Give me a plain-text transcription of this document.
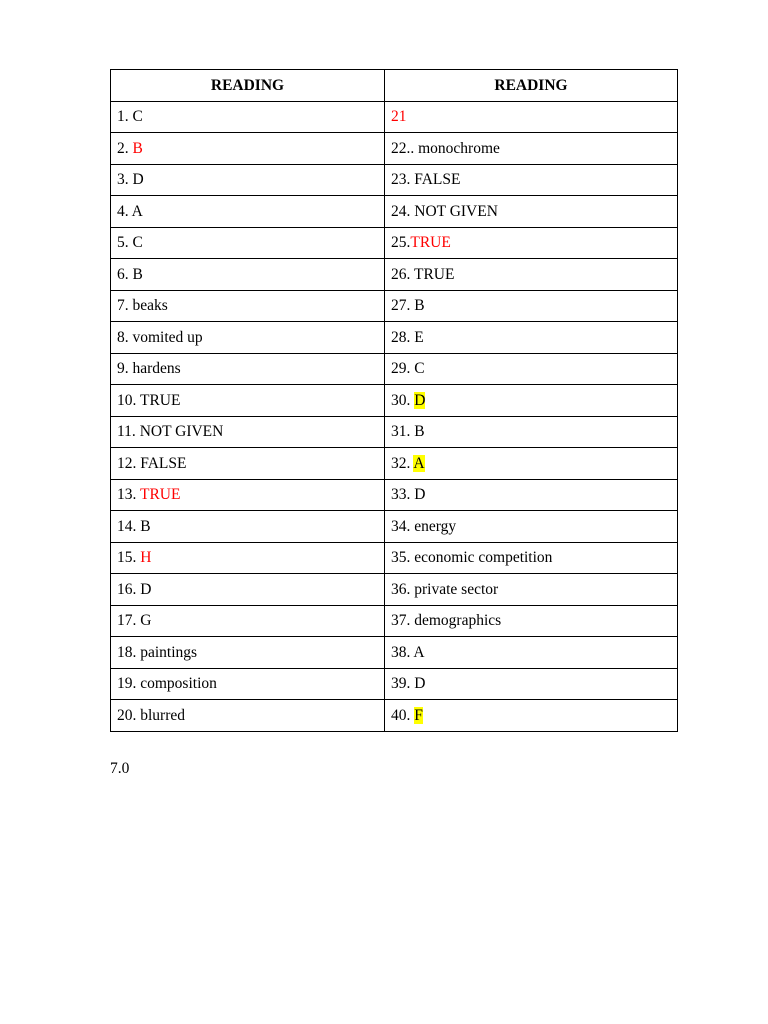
READING	READING
1. C	21
2. B	22.. monochrome
3. D	23. FALSE
4. A	24. NOT GIVEN
5. C	25.TRUE
6. B	26. TRUE
7. beaks	27. B
8. vomited up	28. E
9. hardens	29. C
10. TRUE	30. D
11. NOT GIVEN	31. B
12. FALSE	32. A
13. TRUE	33. D
14. B	34. energy
15. H	35. economic competition
16. D	36. private sector
17. G	37. demographics
18. paintings	38. A
19. composition	39. D
20. blurred	40. F
7.0
